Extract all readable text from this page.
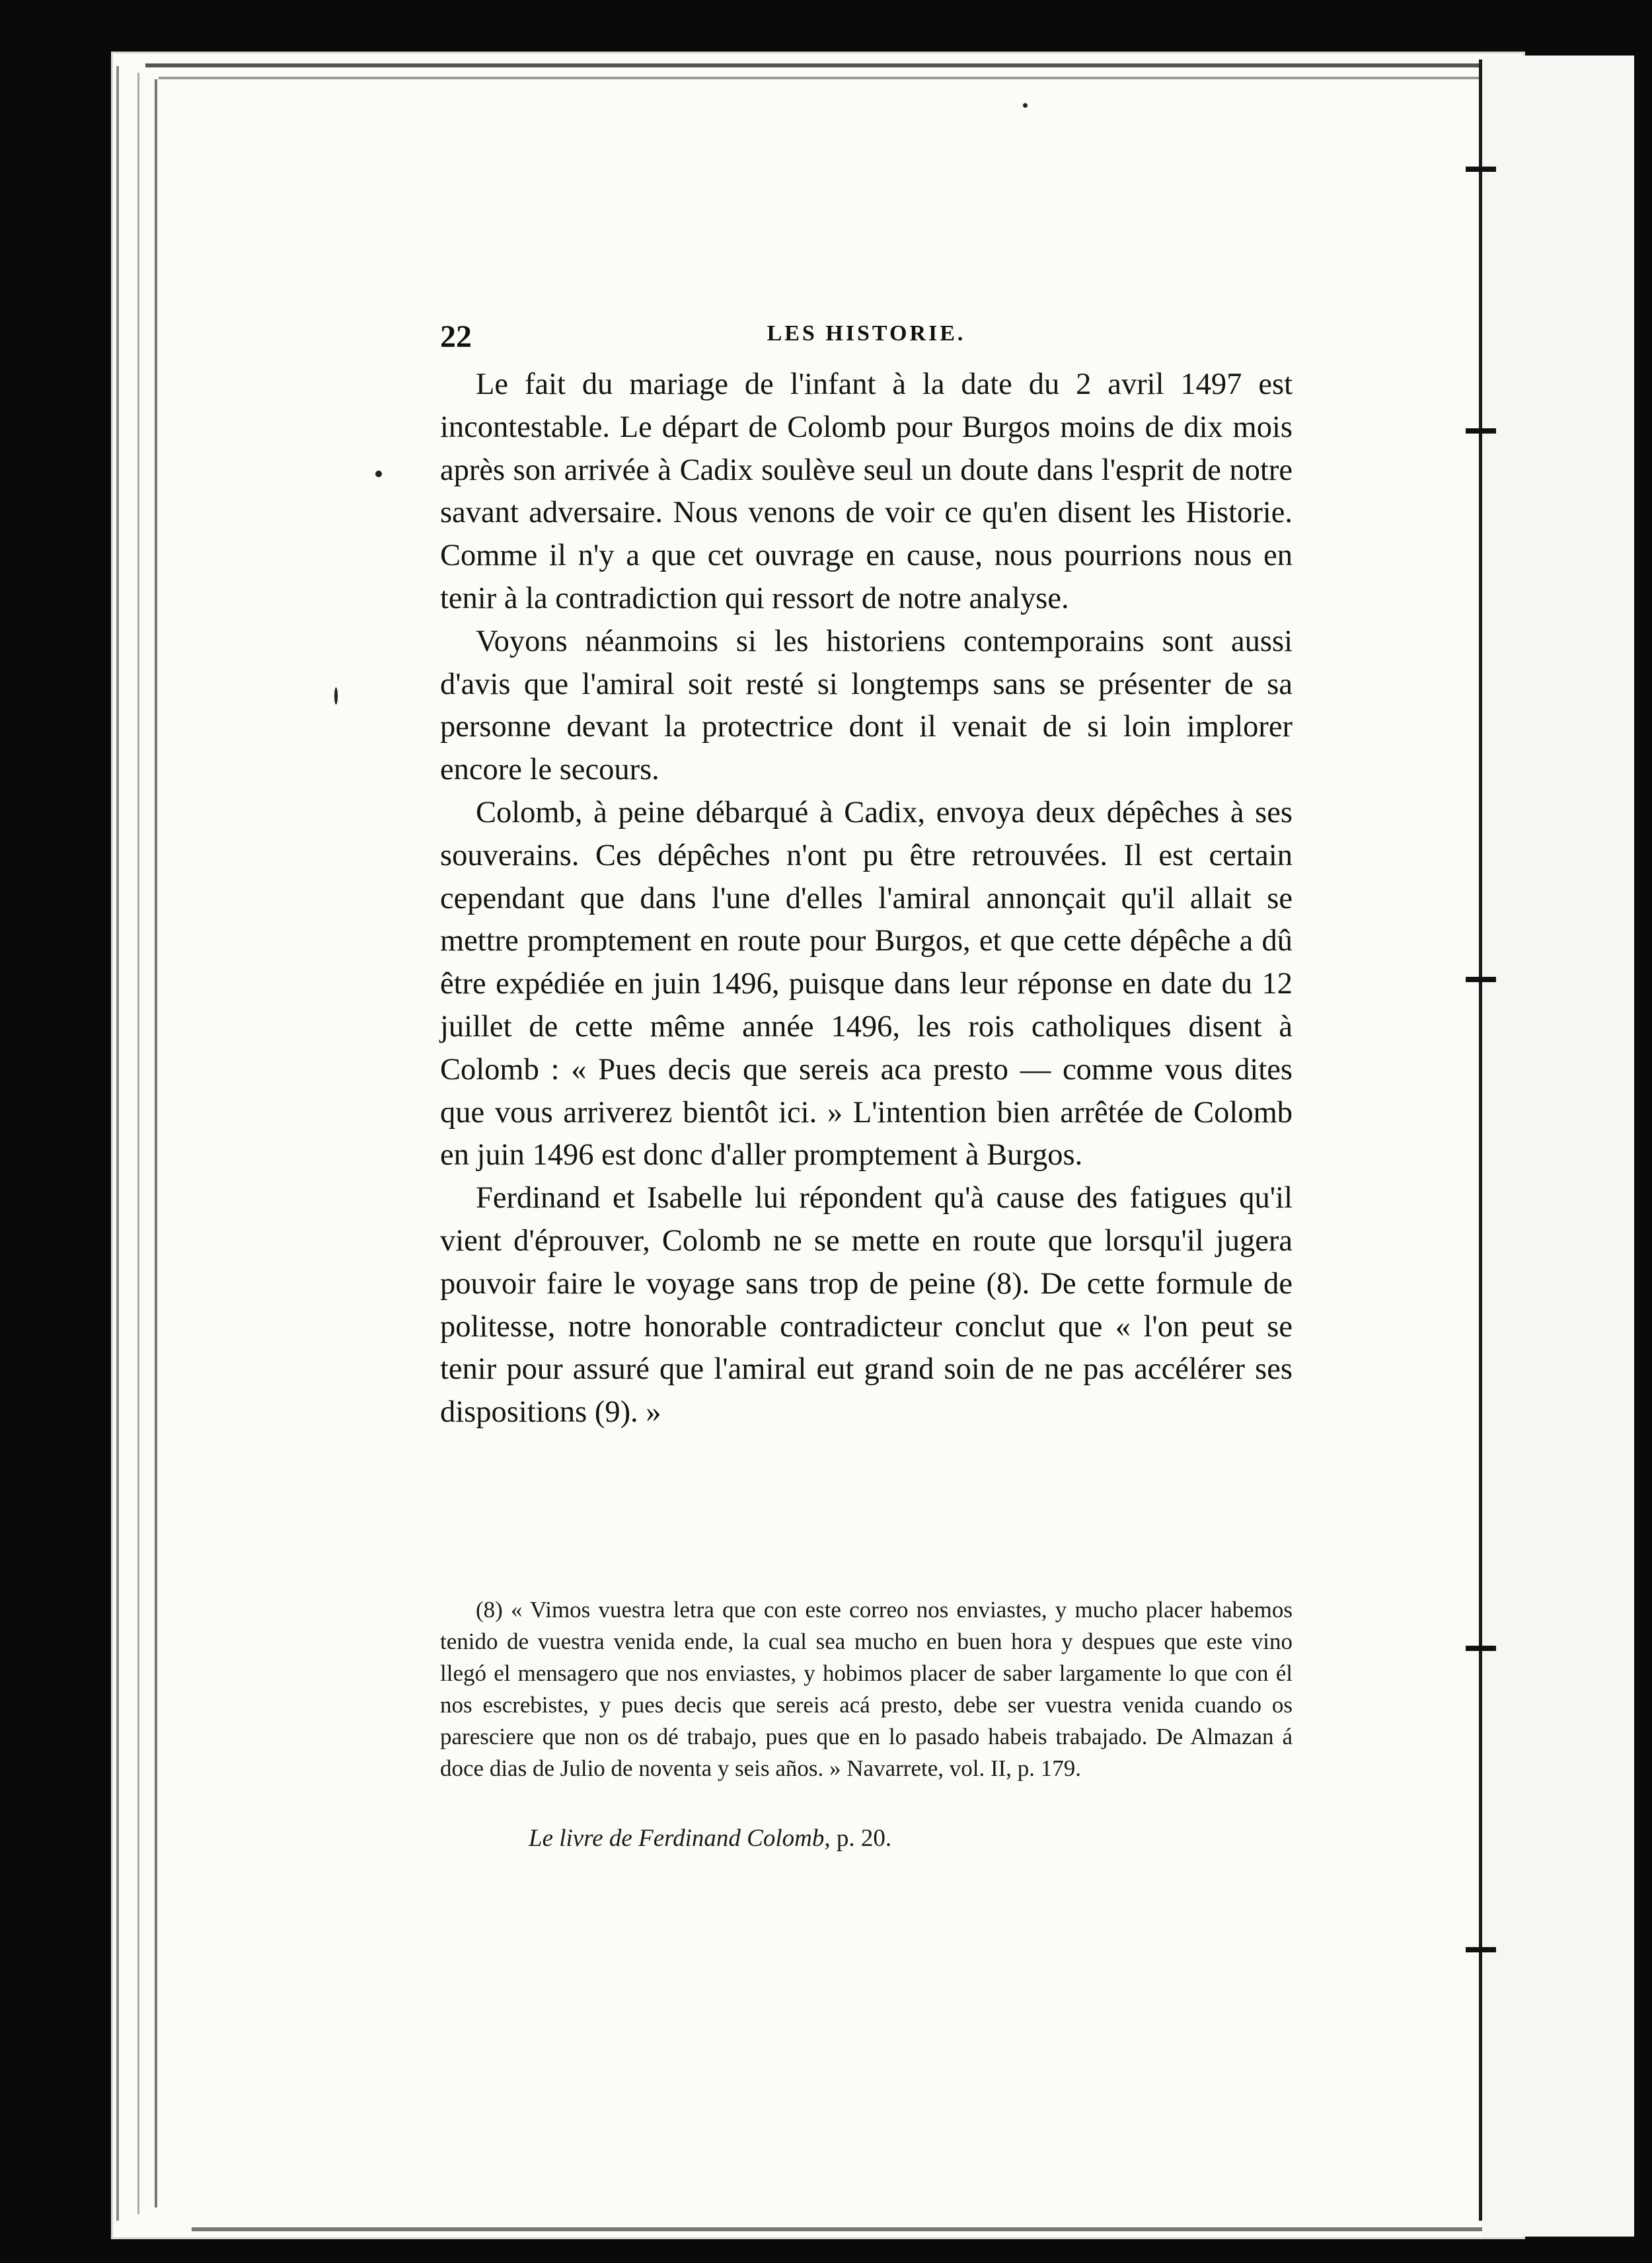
22	LES HISTORIE.

Le fait du mariage de l'infant à la date du 2 avril 1497 est incontestable. Le départ de Colomb pour Burgos moins de dix mois après son arrivée à Cadix soulève seul un doute dans l'esprit de notre savant adversaire. Nous venons de voir ce qu'en disent les Historie. Comme il n'y a que cet ouvrage en cause, nous pourrions nous en tenir à la contradiction qui ressort de notre analyse.

Voyons néanmoins si les historiens contemporains sont aussi d'avis que l'amiral soit resté si longtemps sans se présenter de sa personne devant la protectrice dont il venait de si loin implorer encore le secours.

Colomb, à peine débarqué à Cadix, envoya deux dépêches à ses souverains. Ces dépêches n'ont pu être retrouvées. Il est certain cependant que dans l'une d'elles l'amiral annonçait qu'il allait se mettre promptement en route pour Burgos, et que cette dépêche a dû être expédiée en juin 1496, puisque dans leur réponse en date du 12 juillet de cette même année 1496, les rois catholiques disent à Colomb : « Pues decis que sereis aca presto — comme vous dites que vous arriverez bientôt ici. » L'intention bien arrêtée de Colomb en juin 1496 est donc d'aller promptement à Burgos.

Ferdinand et Isabelle lui répondent qu'à cause des fatigues qu'il vient d'éprouver, Colomb ne se mette en route que lorsqu'il jugera pouvoir faire le voyage sans trop de peine (8). De cette formule de politesse, notre honorable contradicteur conclut que « l'on peut se tenir pour assuré que l'amiral eut grand soin de ne pas accélérer ses dispositions (9). »

(8) « Vimos vuestra letra que con este correo nos enviastes, y mucho placer habemos tenido de vuestra venida ende, la cual sea mucho en buen hora y despues que este vino llegó el mensagero que nos enviastes, y hobimos placer de saber largamente lo que con él nos escrebistes, y pues decis que sereis acá presto, debe ser vuestra venida cuando os paresciere que non os dé trabajo, pues que en lo pasado habeis trabajado. De Almazan á doce dias de Julio de noventa y seis años. » Navarrete, vol. II, p. 179.

Le livre de Ferdinand Colomb, p. 20.
